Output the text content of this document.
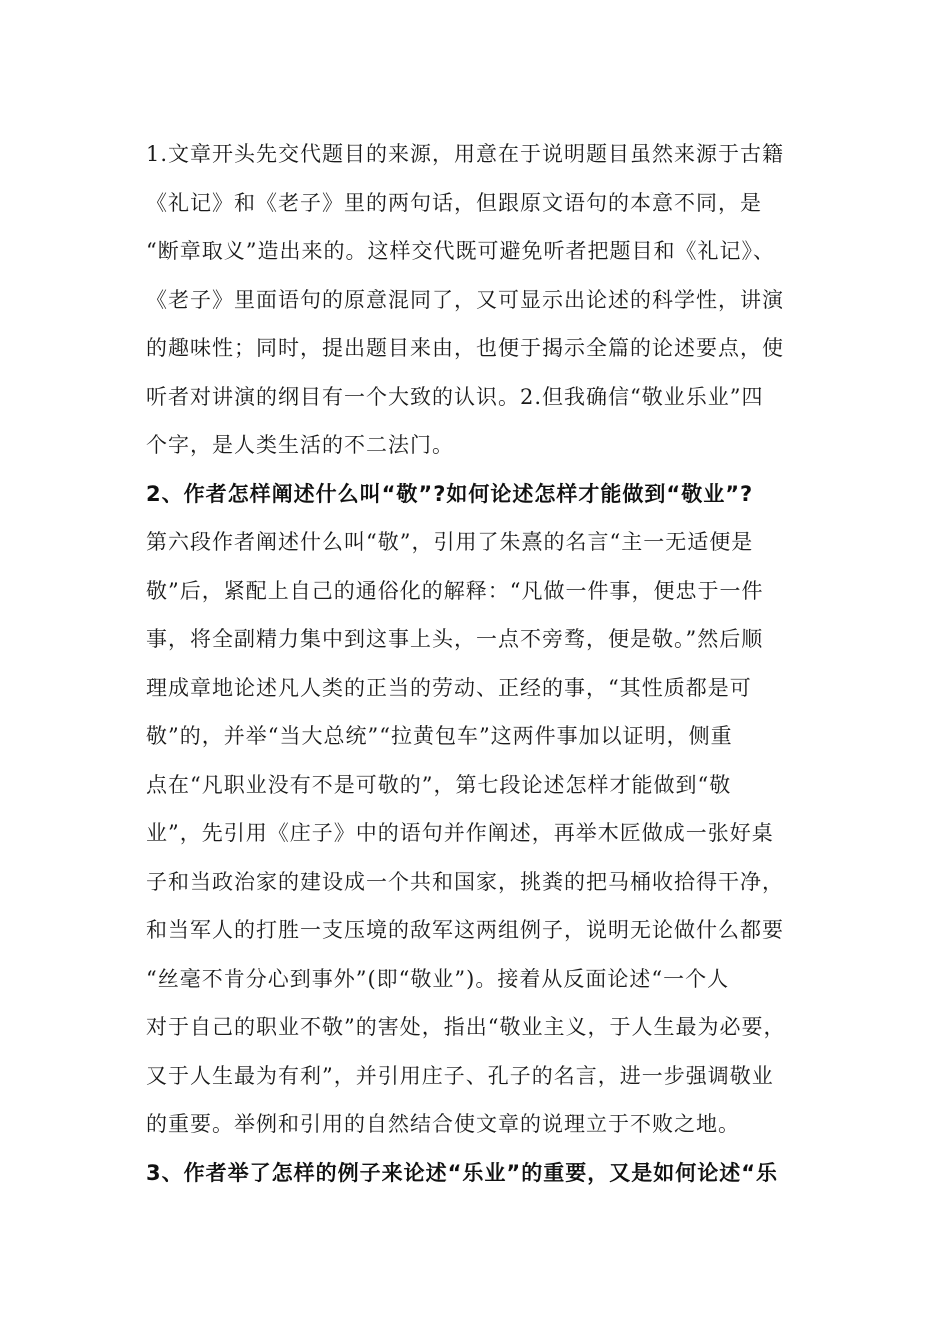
1.文章开头先交代题目的来源，用意在于说明题目虽然来源于古籍
《礼记》和《老子》里的两句话，但跟原文语句的本意不同，是
“断章取义”造出来的。这样交代既可避免听者把题目和《礼记》、
《老子》里面语句的原意混同了，又可显示出论述的科学性，讲演
的趣味性；同时，提出题目来由，也便于揭示全篇的论述要点，使
听者对讲演的纲目有一个大致的认识。2.但我确信“敬业乐业”四
个字，是人类生活的不二法门。
2、作者怎样阐述什么叫“敬”?如何论述怎样才能做到“敬业”?
第六段作者阐述什么叫“敬”，引用了朱熹的名言“主一无适便是
敬”后，紧配上自己的通俗化的解释：“凡做一件事，便忠于一件
事，将全副精力集中到这事上头，一点不旁骛，便是敬。”然后顺
理成章地论述凡人类的正当的劳动、正经的事，“其性质都是可
敬”的，并举“当大总统”“拉黄包车”这两件事加以证明，侧重
点在“凡职业没有不是可敬的”，第七段论述怎样才能做到“敬
业”，先引用《庄子》中的语句并作阐述，再举木匠做成一张好桌
子和当政治家的建设成一个共和国家，挑粪的把马桶收拾得干净，
和当军人的打胜一支压境的敌军这两组例子，说明无论做什么都要
“丝毫不肯分心到事外”(即“敬业”)。接着从反面论述“一个人
对于自己的职业不敬”的害处，指出“敬业主义，于人生最为必要，
又于人生最为有利”，并引用庄子、孔子的名言，进一步强调敬业
的重要。举例和引用的自然结合使文章的说理立于不败之地。
3、作者举了怎样的例子来论述“乐业”的重要，又是如何论述“乐
